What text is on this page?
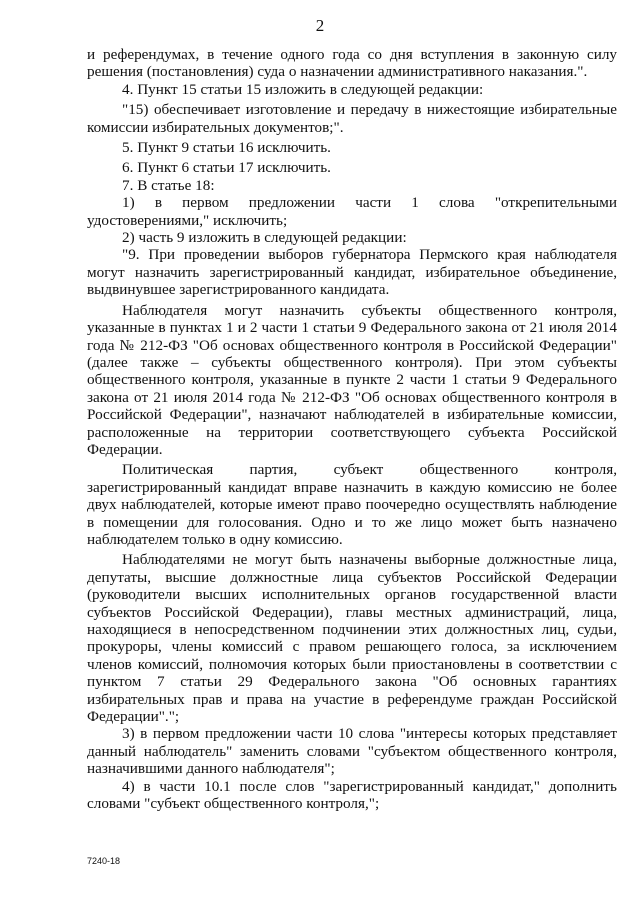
2

и референдумах, в течение одного года со дня вступления в законную силу решения (постановления) суда о назначении административного наказания.".

4. Пункт 15 статьи 15 изложить в следующей редакции:

"15) обеспечивает изготовление и передачу в нижестоящие избирательные комиссии избирательных документов;".

5. Пункт 9 статьи 16 исключить.

6. Пункт 6 статьи 17 исключить.

7. В статье 18:

1) в первом предложении части 1 слова "открепительными удостоверениями," исключить;

2) часть 9 изложить в следующей редакции:

"9. При проведении выборов губернатора Пермского края наблюдателя могут назначить зарегистрированный кандидат, избирательное объединение, выдвинувшее зарегистрированного кандидата.

Наблюдателя могут назначить субъекты общественного контроля, указанные в пунктах 1 и 2 части 1 статьи 9 Федерального закона от 21 июля 2014 года № 212-ФЗ "Об основах общественного контроля в Российской Федерации" (далее также – субъекты общественного контроля). При этом субъекты общественного контроля, указанные в пункте 2 части 1 статьи 9 Федерального закона от 21 июля 2014 года № 212-ФЗ "Об основах общественного контроля в Российской Федерации", назначают наблюдателей в избирательные комиссии, расположенные на территории соответствующего субъекта Российской Федерации.

Политическая партия, субъект общественного контроля, зарегистрированный кандидат вправе назначить в каждую комиссию не более двух наблюдателей, которые имеют право поочередно осуществлять наблюдение в помещении для голосования. Одно и то же лицо может быть назначено наблюдателем только в одну комиссию.

Наблюдателями не могут быть назначены выборные должностные лица, депутаты, высшие должностные лица субъектов Российской Федерации (руководители высших исполнительных органов государственной власти субъектов Российской Федерации), главы местных администраций, лица, находящиеся в непосредственном подчинении этих должностных лиц, судьи, прокуроры, члены комиссий с правом решающего голоса, за исключением членов комиссий, полномочия которых были приостановлены в соответствии с пунктом 7 статьи 29 Федерального закона "Об основных гарантиях избирательных прав и права на участие в референдуме граждан Российской Федерации".";

3) в первом предложении части 10 слова "интересы которых представляет данный наблюдатель" заменить словами "субъектом общественного контроля, назначившими данного наблюдателя";

4) в части 10.1 после слов "зарегистрированный кандидат," дополнить словами "субъект общественного контроля,";

7240-18
